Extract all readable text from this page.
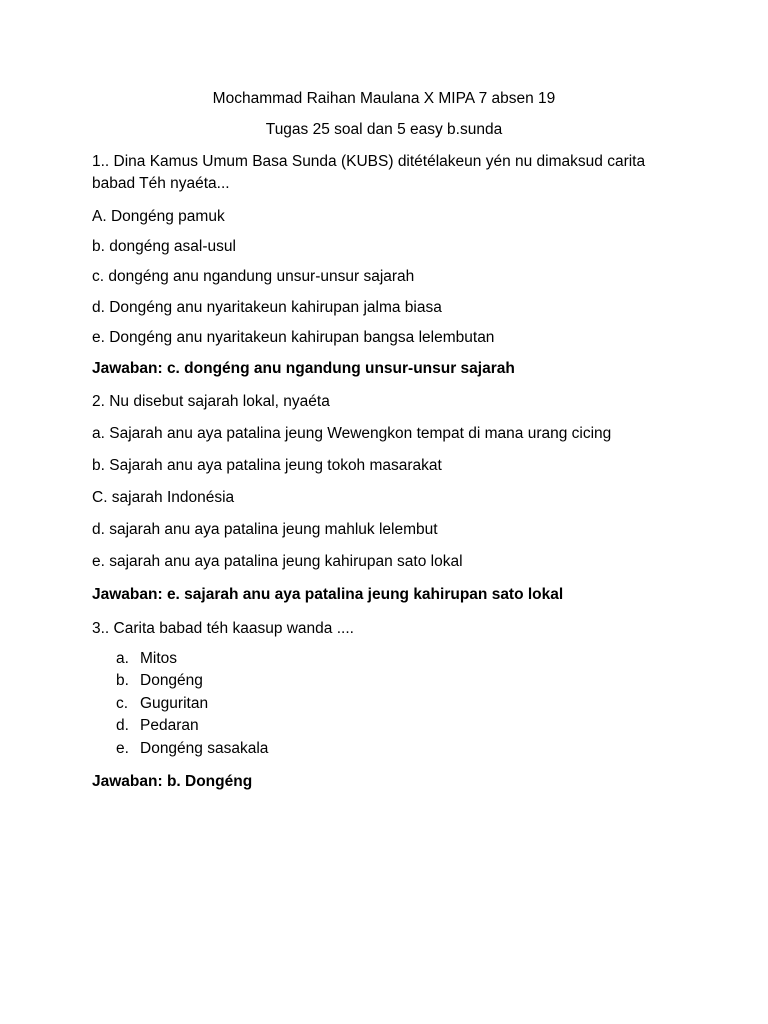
Mochammad Raihan Maulana X MIPA 7 absen 19
Tugas 25 soal dan 5 easy b.sunda
1.. Dina Kamus Umum Basa Sunda (KUBS) ditétélakeun yén nu dimaksud carita babad Téh nyaéta...
A. Dongéng pamuk
b. dongéng asal-usul
c. dongéng anu ngandung unsur-unsur sajarah
d. Dongéng anu nyaritakeun kahirupan jalma biasa
e. Dongéng anu nyaritakeun kahirupan bangsa lelembutan
Jawaban: c. dongéng anu ngandung unsur-unsur sajarah
2. Nu disebut sajarah lokal, nyaéta
a. Sajarah anu aya patalina jeung Wewengkon tempat di mana urang cicing
b. Sajarah anu aya patalina jeung tokoh masarakat
C. sajarah Indonésia
d. sajarah anu aya patalina jeung mahluk lelembut
e. sajarah anu aya patalina jeung kahirupan sato lokal
Jawaban: e. sajarah anu aya patalina jeung kahirupan sato lokal
3.. Carita babad téh kaasup wanda ....
a. Mitos
b. Dongéng
c. Guguritan
d. Pedaran
e. Dongéng sasakala
Jawaban: b. Dongéng
